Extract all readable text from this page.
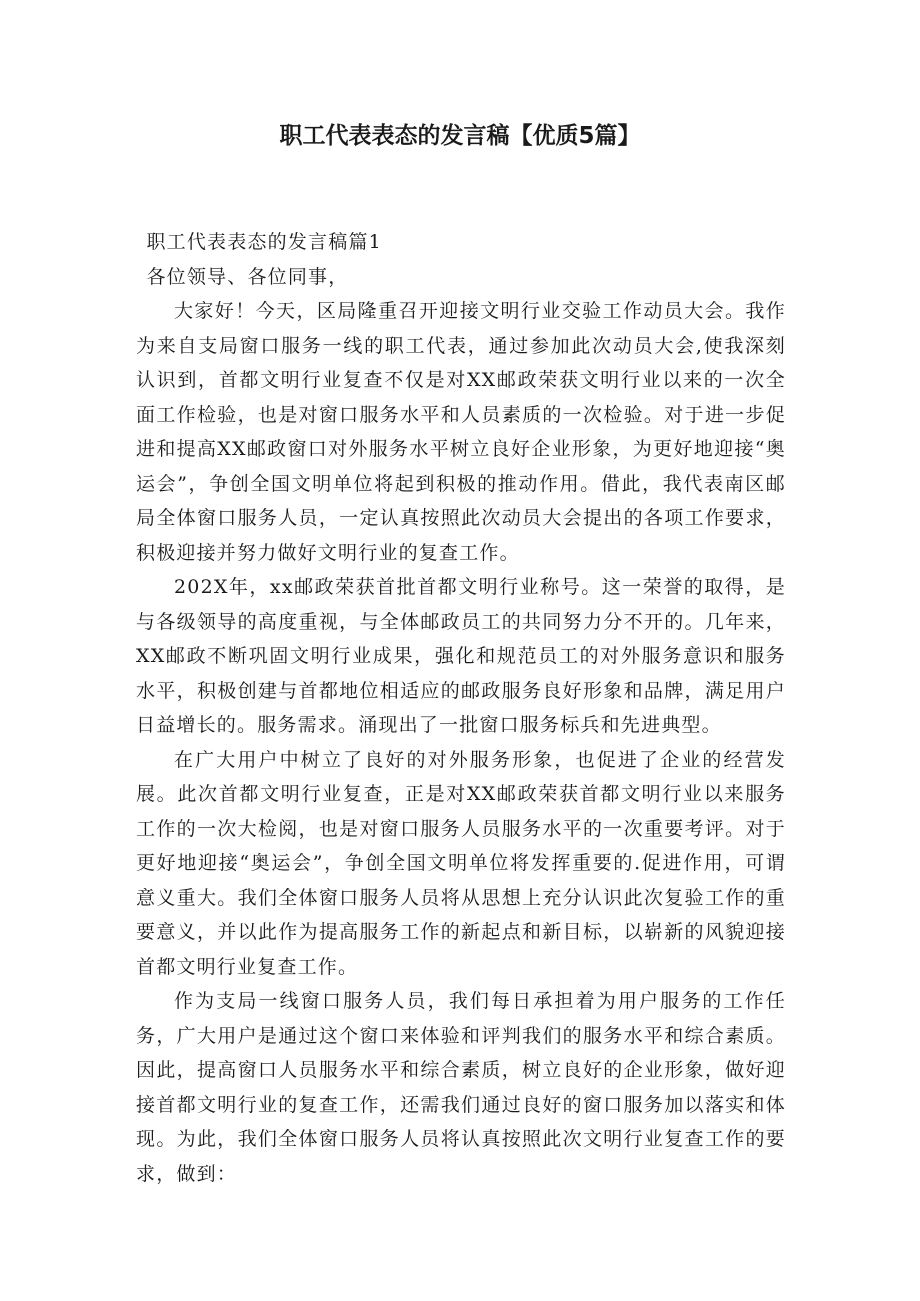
职工代表表态的发言稿【优质5篇】

职工代表表态的发言稿篇1

各位领导、各位同事，

大家好！今天，区局隆重召开迎接文明行业交验工作动员大会。我作为来自支局窗口服务一线的职工代表，通过参加此次动员大会,使我深刻认识到，首都文明行业复查不仅是对XX邮政荣获文明行业以来的一次全面工作检验，也是对窗口服务水平和人员素质的一次检验。对于进一步促进和提高XX邮政窗口对外服务水平树立良好企业形象，为更好地迎接“奥运会”，争创全国文明单位将起到积极的推动作用。借此，我代表南区邮局全体窗口服务人员，一定认真按照此次动员大会提出的各项工作要求，积极迎接并努力做好文明行业的复查工作。

202X年，xx邮政荣获首批首都文明行业称号。这一荣誉的取得，是与各级领导的高度重视，与全体邮政员工的共同努力分不开的。几年来，XX邮政不断巩固文明行业成果，强化和规范员工的对外服务意识和服务水平，积极创建与首都地位相适应的邮政服务良好形象和品牌，满足用户日益增长的。服务需求。涌现出了一批窗口服务标兵和先进典型。

在广大用户中树立了良好的对外服务形象，也促进了企业的经营发展。此次首都文明行业复查，正是对XX邮政荣获首都文明行业以来服务工作的一次大检阅，也是对窗口服务人员服务水平的一次重要考评。对于更好地迎接“奥运会”，争创全国文明单位将发挥重要的.促进作用，可谓意义重大。我们全体窗口服务人员将从思想上充分认识此次复验工作的重要意义，并以此作为提高服务工作的新起点和新目标，以崭新的风貌迎接首都文明行业复查工作。

作为支局一线窗口服务人员，我们每日承担着为用户服务的工作任务，广大用户是通过这个窗口来体验和评判我们的服务水平和综合素质。因此，提高窗口人员服务水平和综合素质，树立良好的企业形象，做好迎接首都文明行业的复查工作，还需我们通过良好的窗口服务加以落实和体现。为此，我们全体窗口服务人员将认真按照此次文明行业复查工作的要求，做到：
